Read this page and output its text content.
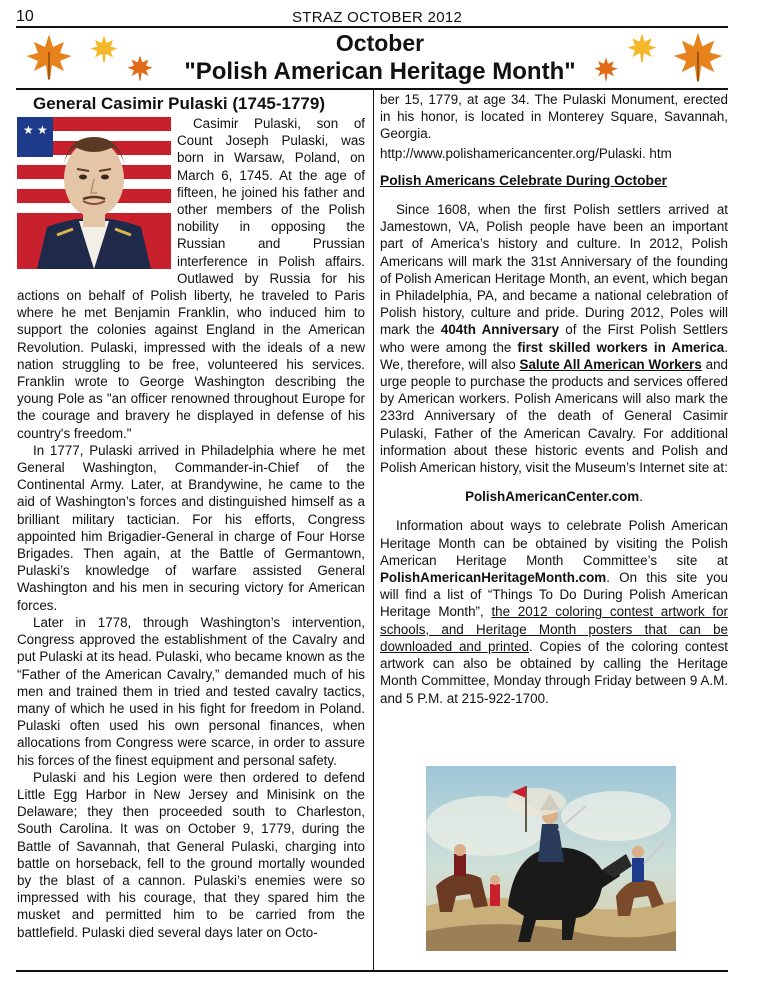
10	STRAZ OCTOBER 2012
October
"Polish American Heritage Month"

General Casimir Pulaski (1745-1779)

★ ★	Casimir Pulaski, son of Count Joseph Pulaski, was born in Warsaw, Poland, on March 6, 1745. At the age of fifteen, he joined his father and other members of the Polish nobility in opposing the Russian and Prussian interference in Polish affairs. Outlawed by Russia for his actions on behalf of Polish liberty, he traveled to Paris where he met Benjamin Franklin, who induced him to support the colonies against England in the American Revolution. Pulaski, impressed with the ideals of a new nation struggling to be free, volunteered his services. Franklin wrote to George Washington describing the young Pole as "an officer renowned throughout Europe for the courage and bravery he displayed in defense of his country's freedom."

In 1777, Pulaski arrived in Philadelphia where he met General Washington, Commander-in-Chief of the Continental Army. Later, at Brandywine, he came to the aid of Washington’s forces and distinguished himself as a brilliant military tactician. For his efforts, Congress appointed him Brigadier-General in charge of Four Horse Brigades. Then again, at the Battle of Germantown, Pulaski’s knowledge of warfare assisted General Washington and his men in securing victory for American forces.

Later in 1778, through Washington’s intervention, Congress approved the establishment of the Cavalry and put Pulaski at its head. Pulaski, who became known as the “Father of the American Cavalry,” demanded much of his men and trained them in tried and tested cavalry tactics, many of which he used in his fight for freedom in Poland. Pulaski often used his own personal finances, when allocations from Congress were scarce, in order to assure his forces of the finest equipment and personal safety.

Pulaski and his Legion were then ordered to defend Little Egg Harbor in New Jersey and Minisink on the Delaware; they then proceeded south to Charleston, South Carolina. It was on October 9, 1779, during the Battle of Savannah, that General Pulaski, charging into battle on horseback, fell to the ground mortally wounded by the blast of a cannon. Pulaski’s enemies were so impressed with his courage, that they spared him the musket and permitted him to be carried from the battlefield. Pulaski died several days later on Octo-

ber 15, 1779, at age 34. The Pulaski Monument, erected in his honor, is located in Monterey Square, Savannah, Georgia.

http://www.polishamericancenter.org/Pulaski. htm

Polish Americans Celebrate During October

Since 1608, when the first Polish settlers arrived at Jamestown, VA, Polish people have been an important part of America’s history and culture. In 2012, Polish Americans will mark the 31st Anniversary of the founding of Polish American Heritage Month, an event, which began in Philadelphia, PA, and became a national celebration of Polish history, culture and pride. During 2012, Poles will mark the 404th Anniversary of the First Polish Settlers who were among the first skilled workers in America. We, therefore, will also Salute All American Workers and urge people to purchase the products and services offered by American workers. Polish Americans will also mark the 233rd Anniversary of the death of General Casimir Pulaski, Father of the American Cavalry. For additional information about these historic events and Polish and Polish American history, visit the Museum’s Internet site at:

PolishAmericanCenter.com.

Information about ways to celebrate Polish American Heritage Month can be obtained by visiting the Polish American Heritage Month Committee’s site at PolishAmericanHeritageMonth.com. On this site you will find a list of “Things To Do During Polish American Heritage Month”, the 2012 coloring contest artwork for schools, and Heritage Month posters that can be downloaded and printed. Copies of the coloring contest artwork can also be obtained by calling the Heritage Month Committee, Monday through Friday between 9 A.M. and 5 P.M. at 215-922-1700.
